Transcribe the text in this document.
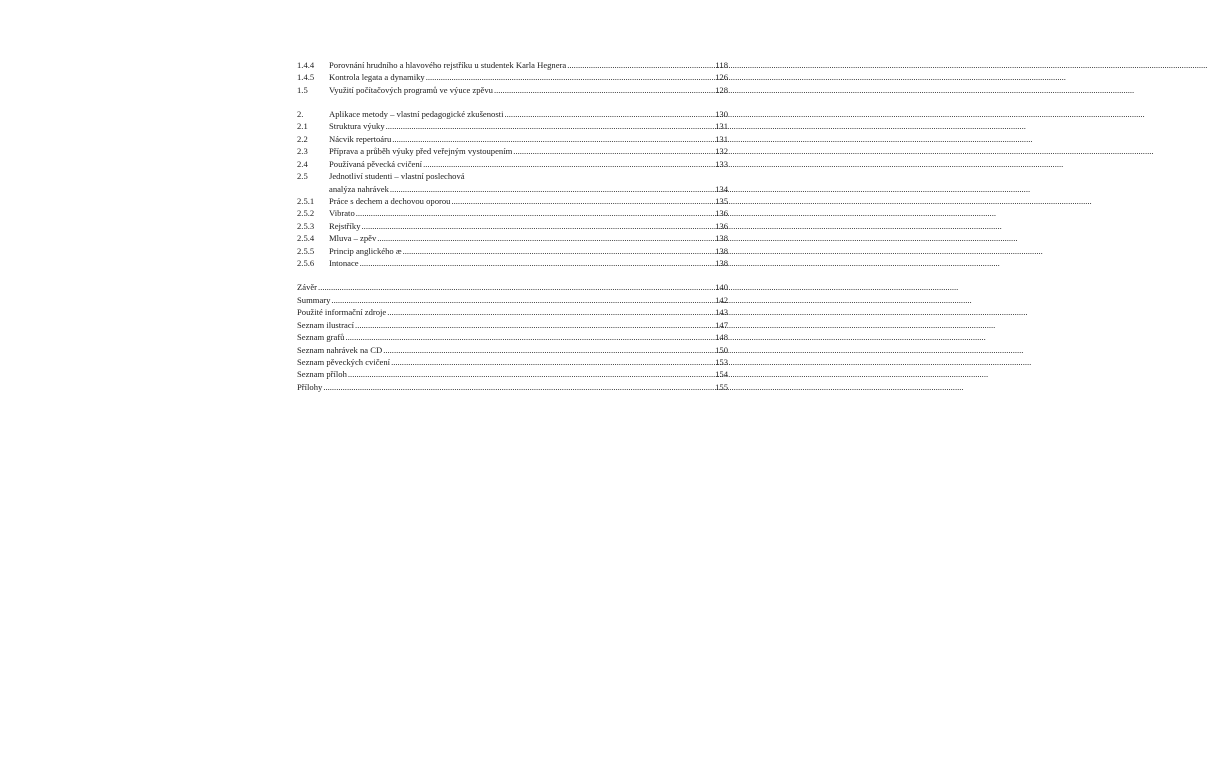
1.4.4	Porovnání hrudního a hlavového rejstříku u studentek Karla Hegnera .....	118
1.4.5	Kontrola legata a dynamiky .....	126
1.5	Využití počítačových programů ve výuce zpěvu .....	128
2.	Aplikace metody – vlastní pedagogické zkušenosti .....	130
2.1	Struktura výuky .....	131
2.2	Nácvik repertoáru .....	131
2.3	Příprava a průběh výuky před veřejným vystoupením .....	132
2.4	Používaná pěvecká cvičení .....	133
2.5	Jednotliví studenti – vlastní poslechová
analýza nahrávek .....	134
2.5.1	Práce s dechem a dechovou oporou .....	135
2.5.2	Vibrato .....	136
2.5.3	Rejstříky .....	136
2.5.4	Mluva – zpěv .....	138
2.5.5	Princip anglického æ .....	138
2.5.6	Intonace .....	138
Závěr .....	140
Summary .....	142
Použité informační zdroje .....	143
Seznam ilustrací .....	147
Seznam grafů .....	148
Seznam nahrávek na CD .....	150
Seznam pěveckých cvičení .....	153
Seznam příloh .....	154
Přílohy .....	155
